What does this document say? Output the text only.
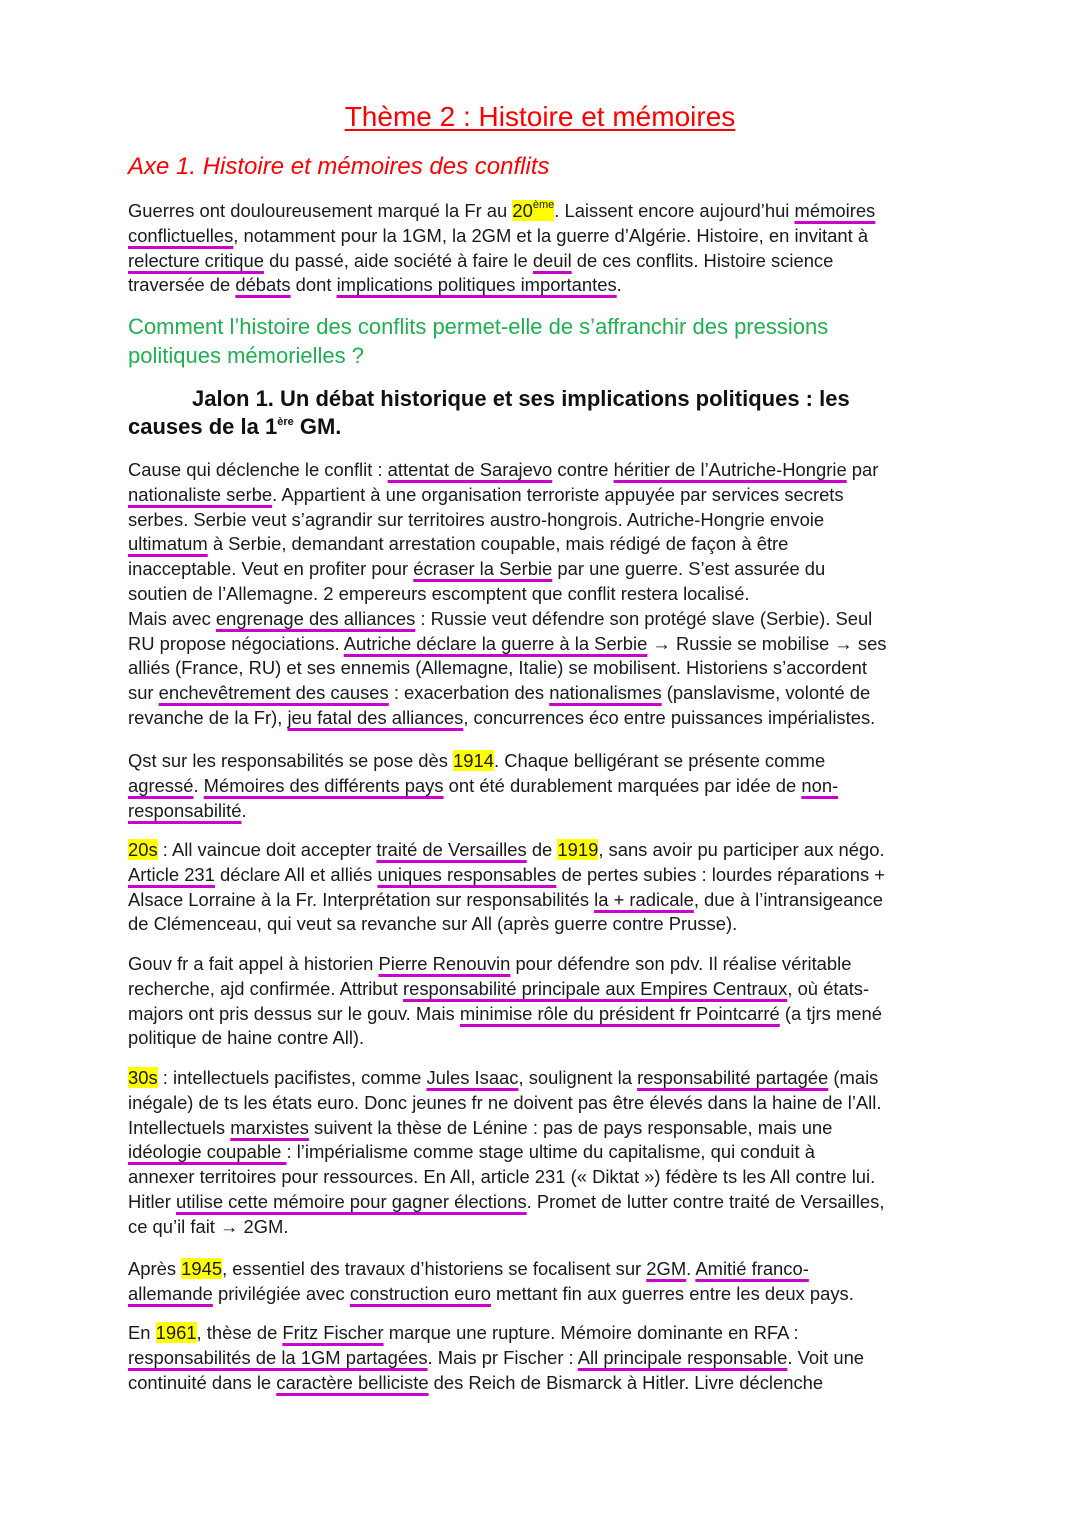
Thème 2 : Histoire et mémoires
Axe 1. Histoire et mémoires des conflits
Comment l’histoire des conflits permet-elle de s’affranchir des pressions
politiques mémorielles ?
Jalon 1. Un débat historique et ses implications politiques : les
causes de la 1ère GM.
Guerres ont douloureusement marqué la Fr au 20ème. Laissent encore aujourd’hui mémoires
conflictuelles, notamment pour la 1GM, la 2GM et la guerre d’Algérie. Histoire, en invitant à
relecture critique du passé, aide société à faire le deuil de ces conflits. Histoire science
traversée de débats dont implications politiques importantes.
Cause qui déclenche le conflit : attentat de Sarajevo contre héritier de l’Autriche-Hongrie par
nationaliste serbe. Appartient à une organisation terroriste appuyée par services secrets
serbes. Serbie veut s’agrandir sur territoires austro-hongrois. Autriche-Hongrie envoie
ultimatum à Serbie, demandant arrestation coupable, mais rédigé de façon à être
inacceptable. Veut en profiter pour écraser la Serbie par une guerre. S’est assurée du
soutien de l’Allemagne. 2 empereurs escomptent que conflit restera localisé.
Mais avec engrenage des alliances : Russie veut défendre son protégé slave (Serbie). Seul
RU propose négociations. Autriche déclare la guerre à la Serbie → Russie se mobilise → ses
alliés (France, RU) et ses ennemis (Allemagne, Italie) se mobilisent. Historiens s’accordent
sur enchevêtrement des causes : exacerbation des nationalismes (panslavisme, volonté de
revanche de la Fr), jeu fatal des alliances, concurrences éco entre puissances impérialistes.
Qst sur les responsabilités se pose dès 1914. Chaque belligérant se présente comme
agressé. Mémoires des différents pays ont été durablement marquées par idée de non-
responsabilité.
20s : All vaincue doit accepter traité de Versailles de 1919, sans avoir pu participer aux négo.
Article 231 déclare All et alliés uniques responsables de pertes subies : lourdes réparations +
Alsace Lorraine à la Fr. Interprétation sur responsabilités la + radicale, due à l’intransigeance
de Clémenceau, qui veut sa revanche sur All (après guerre contre Prusse).
Gouv fr a fait appel à historien Pierre Renouvin pour défendre son pdv. Il réalise véritable
recherche, ajd confirmée. Attribut responsabilité principale aux Empires Centraux, où états-
majors ont pris dessus sur le gouv. Mais minimise rôle du président fr Pointcarré (a tjrs mené
politique de haine contre All).
30s : intellectuels pacifistes, comme Jules Isaac, soulignent la responsabilité partagée (mais
inégale) de ts les états euro. Donc jeunes fr ne doivent pas être élevés dans la haine de l’All.
Intellectuels marxistes suivent la thèse de Lénine : pas de pays responsable, mais une
idéologie coupable : l’impérialisme comme stage ultime du capitalisme, qui conduit à
annexer territoires pour ressources. En All, article 231 (« Diktat ») fédère ts les All contre lui.
Hitler utilise cette mémoire pour gagner élections. Promet de lutter contre traité de Versailles,
ce qu’il fait → 2GM.
Après 1945, essentiel des travaux d’historiens se focalisent sur 2GM. Amitié franco-
allemande privilégiée avec construction euro mettant fin aux guerres entre les deux pays.
En 1961, thèse de Fritz Fischer marque une rupture. Mémoire dominante en RFA :
responsabilités de la 1GM partagées. Mais pr Fischer : All principale responsable. Voit une
continuité dans le caractère belliciste des Reich de Bismarck à Hitler. Livre déclenche
